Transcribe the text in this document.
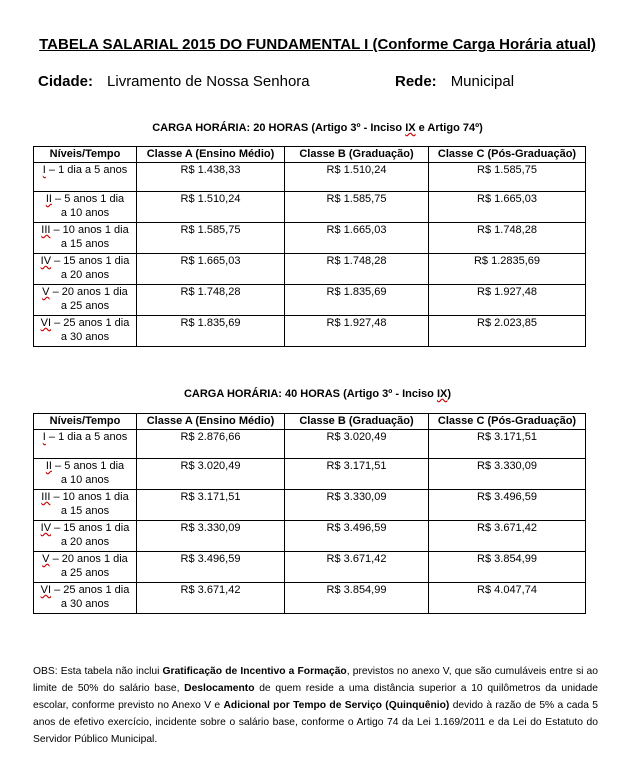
TABELA SALARIAL 2015 DO FUNDAMENTAL I (Conforme Carga Horária atual)
Cidade: Livramento de Nossa Senhora	Rede: Municipal
CARGA HORÁRIA: 20 HORAS (Artigo 3º - Inciso IX e Artigo 74º)
Níveis/Tempo	Classe A (Ensino Médio)	Classe B (Graduação)	Classe C (Pós-Graduação)
I – 1 dia a 5 anos	R$ 1.438,33	R$ 1.510,24	R$ 1.585,75
II – 5 anos 1 dia
a 10 anos	R$ 1.510,24	R$ 1.585,75	R$ 1.665,03
III – 10 anos 1 dia
a 15 anos	R$ 1.585,75	R$ 1.665,03	R$ 1.748,28
IV – 15 anos 1 dia
a 20 anos	R$ 1.665,03	R$ 1.748,28	R$ 1.2835,69
V – 20 anos 1 dia
a 25 anos	R$ 1.748,28	R$ 1.835,69	R$ 1.927,48
VI – 25 anos 1 dia
a 30 anos	R$ 1.835,69	R$ 1.927,48	R$ 2.023,85
CARGA HORÁRIA: 40 HORAS (Artigo 3º - Inciso IX)
Níveis/Tempo	Classe A (Ensino Médio)	Classe B (Graduação)	Classe C (Pós-Graduação)
I – 1 dia a 5 anos	R$ 2.876,66	R$ 3.020,49	R$ 3.171,51
II – 5 anos 1 dia
a 10 anos	R$ 3.020,49	R$ 3.171,51	R$ 3.330,09
III – 10 anos 1 dia
a 15 anos	R$ 3.171,51	R$ 3.330,09	R$ 3.496,59
IV – 15 anos 1 dia
a 20 anos	R$ 3.330,09	R$ 3.496,59	R$ 3.671,42
V – 20 anos 1 dia
a 25 anos	R$ 3.496,59	R$ 3.671,42	R$ 3.854,99
VI – 25 anos 1 dia
a 30 anos	R$ 3.671,42	R$ 3.854,99	R$ 4.047,74
OBS: Esta tabela não inclui Gratificação de Incentivo a Formação, previstos no anexo V, que são cumuláveis entre si ao limite de 50% do salário base, Deslocamento de quem reside a uma distância superior a 10 quilômetros da unidade escolar, conforme previsto no Anexo V e Adicional por Tempo de Serviço (Quinquênio) devido à razão de 5% a cada 5 anos de efetivo exercício, incidente sobre o salário base, conforme o Artigo 74 da Lei 1.169/2011 e da Lei do Estatuto do Servidor Público Municipal.
